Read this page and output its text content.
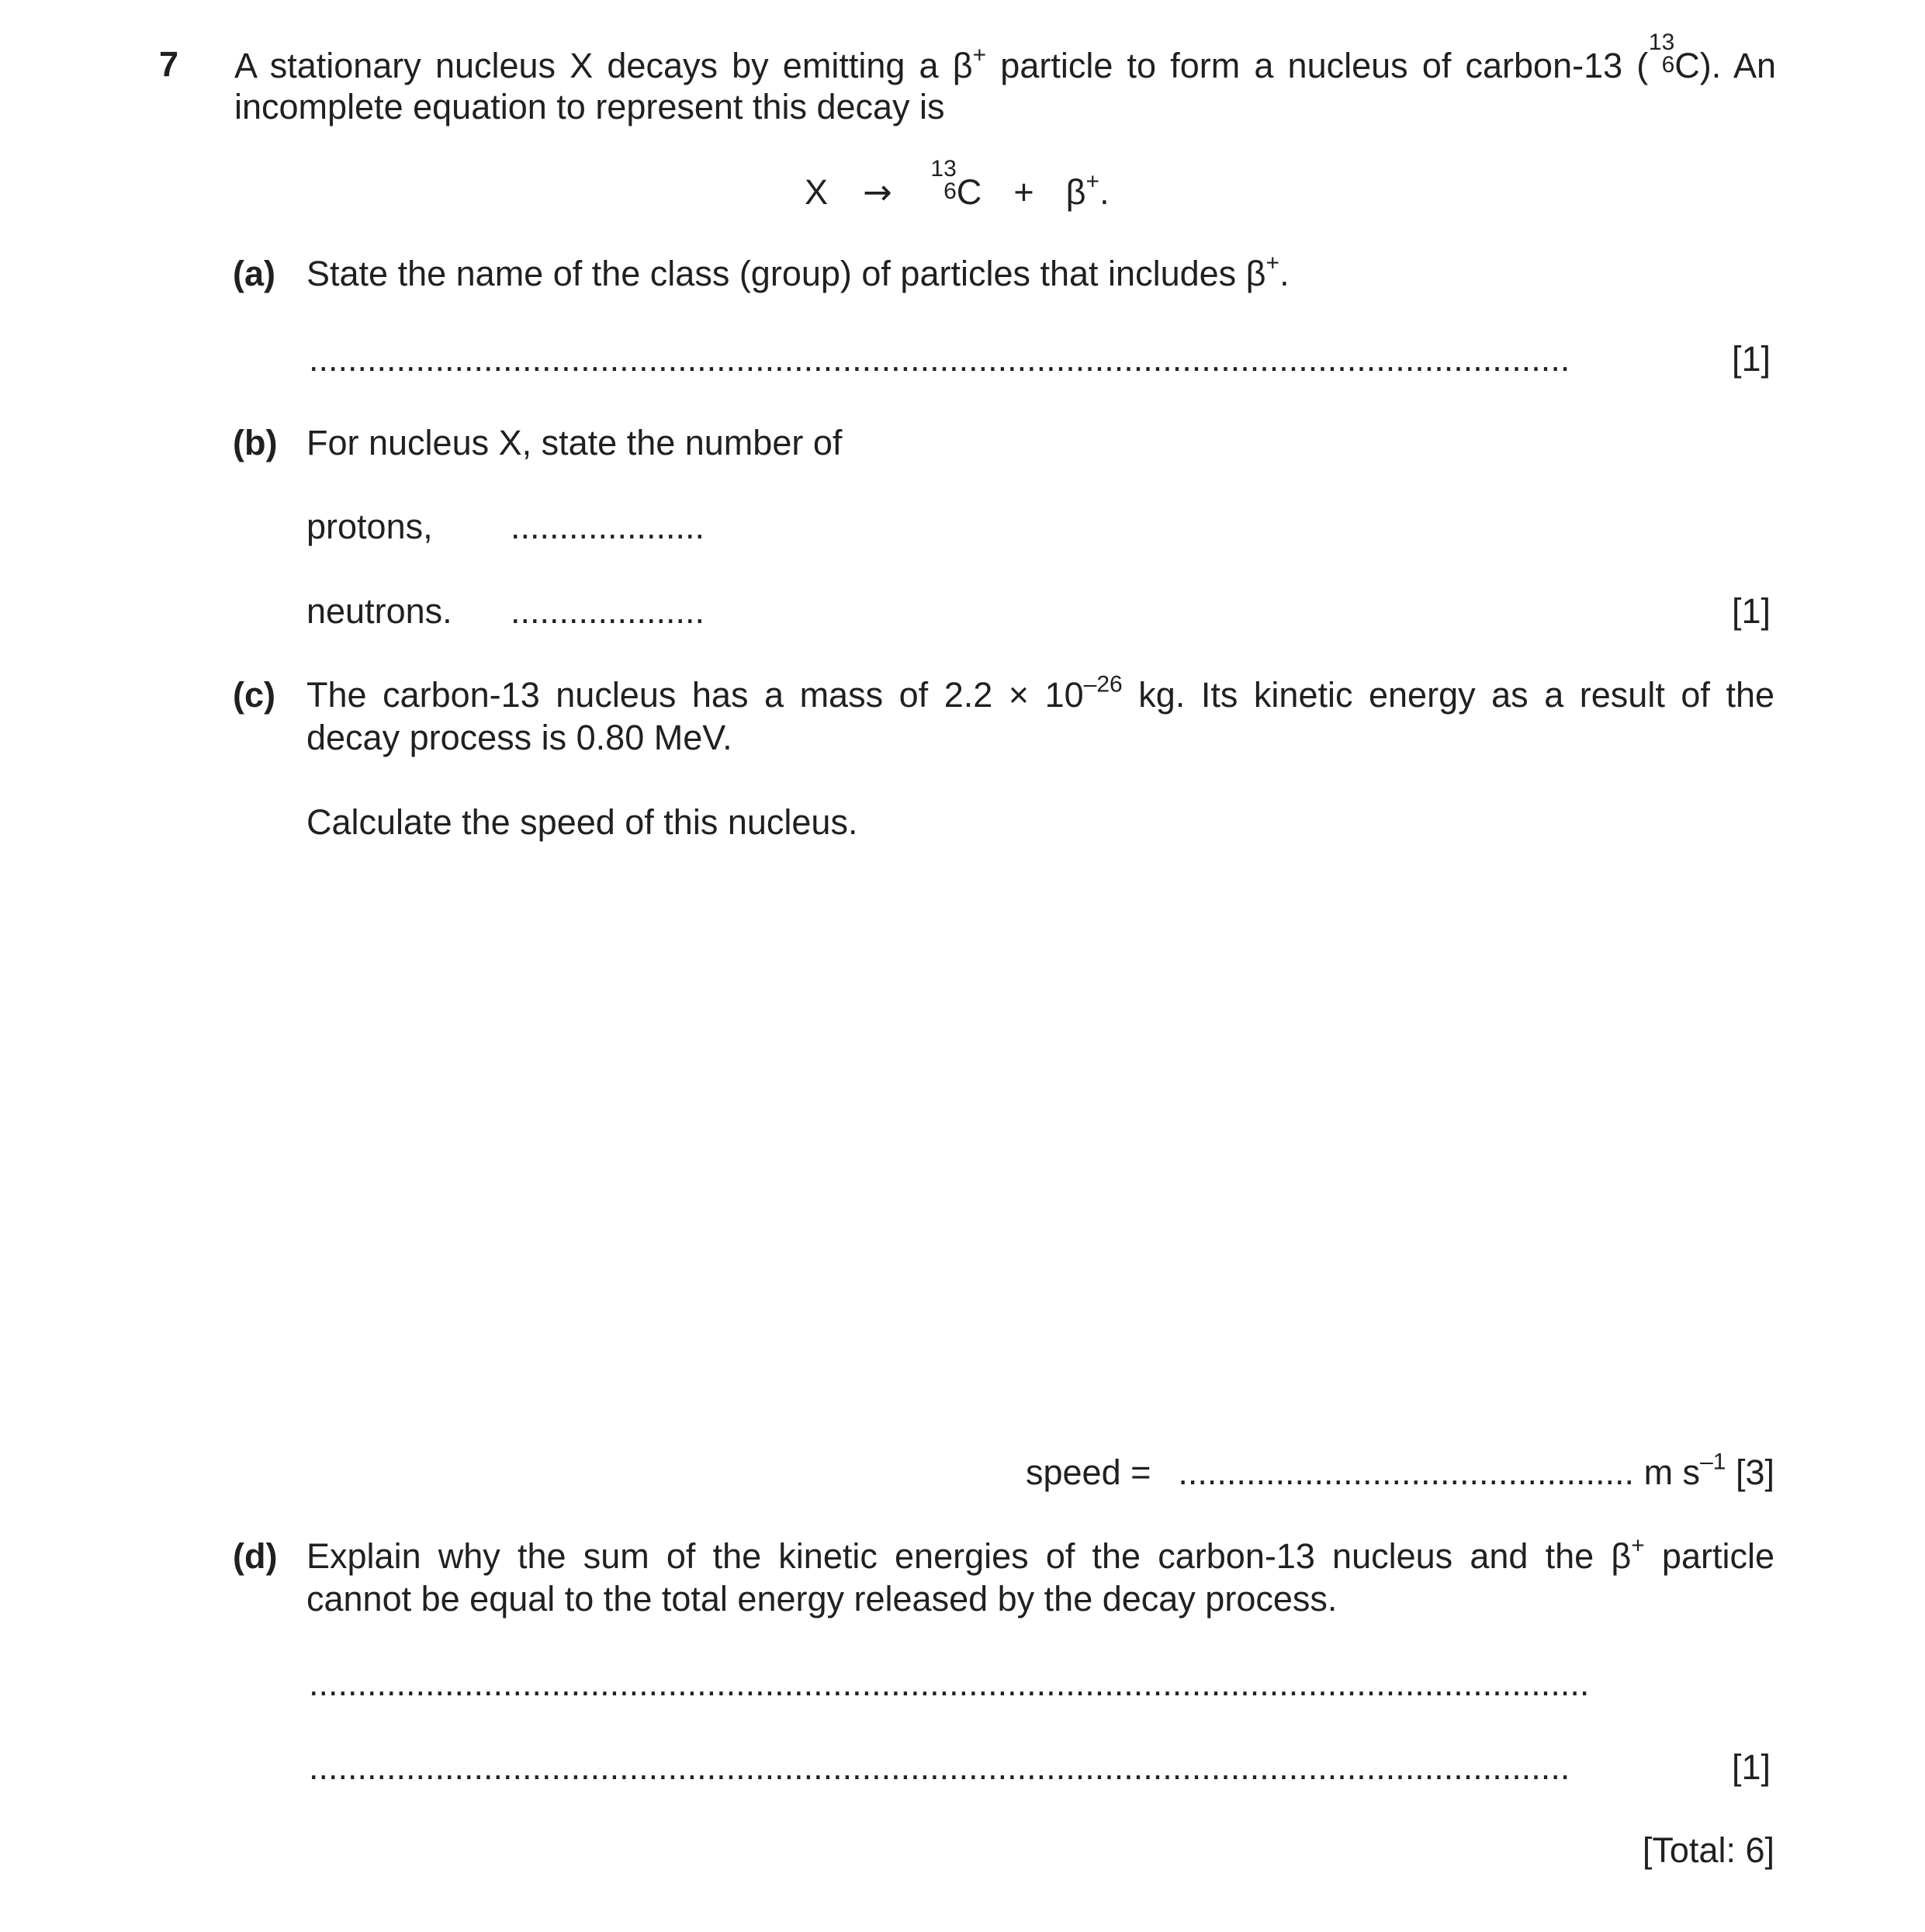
7 A stationary nucleus X decays by emitting a β+ particle to form a nucleus of carbon-13 (
13
6 C). An
incomplete equation to represent this decay is
X →
13
6 C + β+.
(a) State the name of the class (group) of particles that includes β+.
..................................................................................................................................	[1]
(b) For nucleus X, state the number of
protons, ....................
neutrons. ....................	[1]
(c) The carbon-13 nucleus has a mass of $2.2 \times 10^{-26}$ kg. Its kinetic energy as a result of the
decay process is 0.80 MeV.
Calculate the speed of this nucleus.
speed = ............................................... m $s^{-1}$ [3]
(d) Explain why the sum of the kinetic energies of the carbon-13 nucleus and the β+ particle
cannot be equal to the total energy released by the decay process.
....................................................................................................................................
..................................................................................................................................	[1]
[Total: 6]
